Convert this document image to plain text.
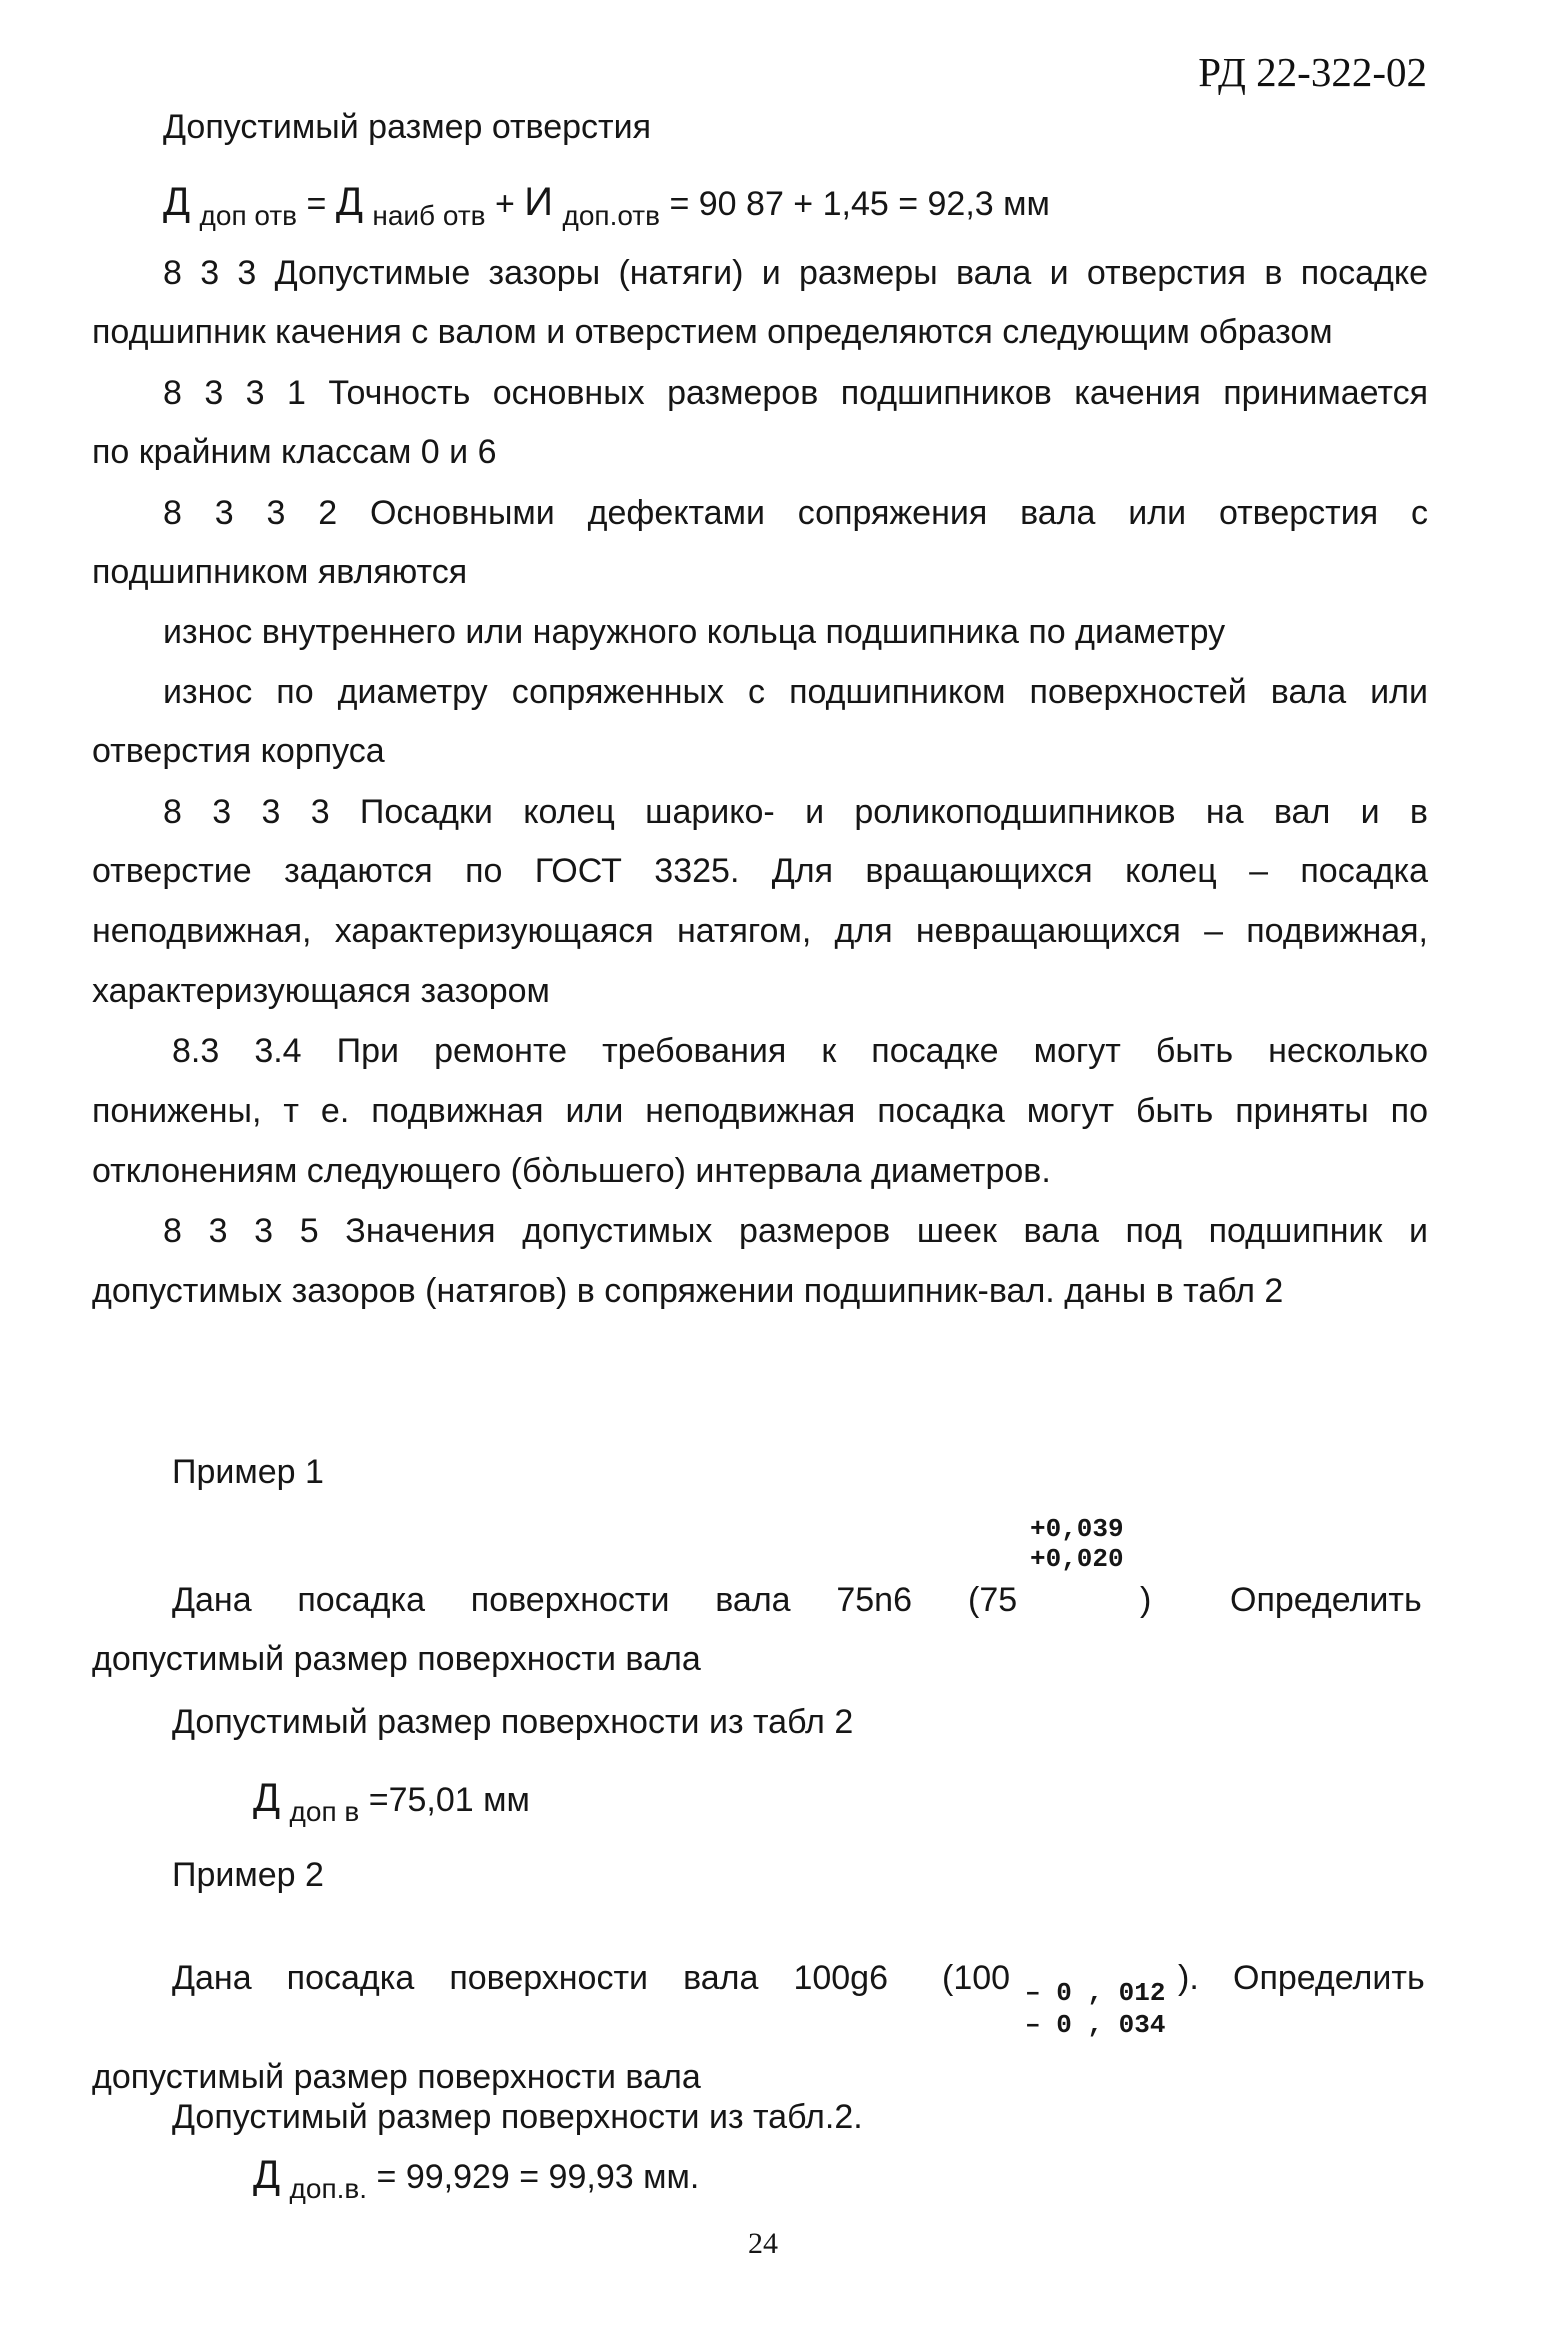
РД 22-322-02
Допустимый размер отверстия
Д $_{доп отв}$ = Д $_{наиб отв}$ + И $_{доп.отв}$ = 90 87 + 1,45 = 92,3 мм
8 3 3 Допустимые зазоры (натяги) и размеры вала и отверстия в посадке
подшипник качения с валом и отверстием определяются следующим образом
8 3 3 1 Точность основных размеров подшипников качения принимается
по крайним классам 0 и 6
8 3 3 2 Основными дефектами сопряжения вала или отверстия с
подшипником являются
износ внутреннего или наружного кольца подшипника по диаметру
износ по диаметру сопряженных с подшипником поверхностей вала или
отверстия корпуса
8 3 3 3 Посадки колец шарико- и роликоподшипников на вал и в
отверстие задаются по ГОСТ 3325. Для вращающихся колец – посадка
неподвижная, характеризующаяся натягом, для невращающихся – подвижная,
характеризующаяся зазором
8.3 3.4 При ремонте требования к посадке могут быть несколько
понижены, т е. подвижная или неподвижная посадка могут быть приняты по
отклонениям следующего (бо̀льшего) интервала диаметров.
8 3 3 5 Значения допустимых размеров шеек вала под подшипник и
допустимых зазоров (натягов) в сопряжении подшипник-вал. даны в табл 2
Пример 1
+0,039
+0,020
Дана посадка поверхности вала 75n6 (75	) Определить
допустимый размер поверхности вала
Допустимый размер поверхности из табл 2
Д $_{доп в}$ =75,01 мм
Пример 2
Дана посадка поверхности вала 100g6 (100 – 0 , 012
– 0 , 034
). Определить
допустимый размер поверхности вала
Допустимый размер поверхности из табл.2.
Д $_{доп.в.}$ = 99,929 = 99,93 мм.
24
